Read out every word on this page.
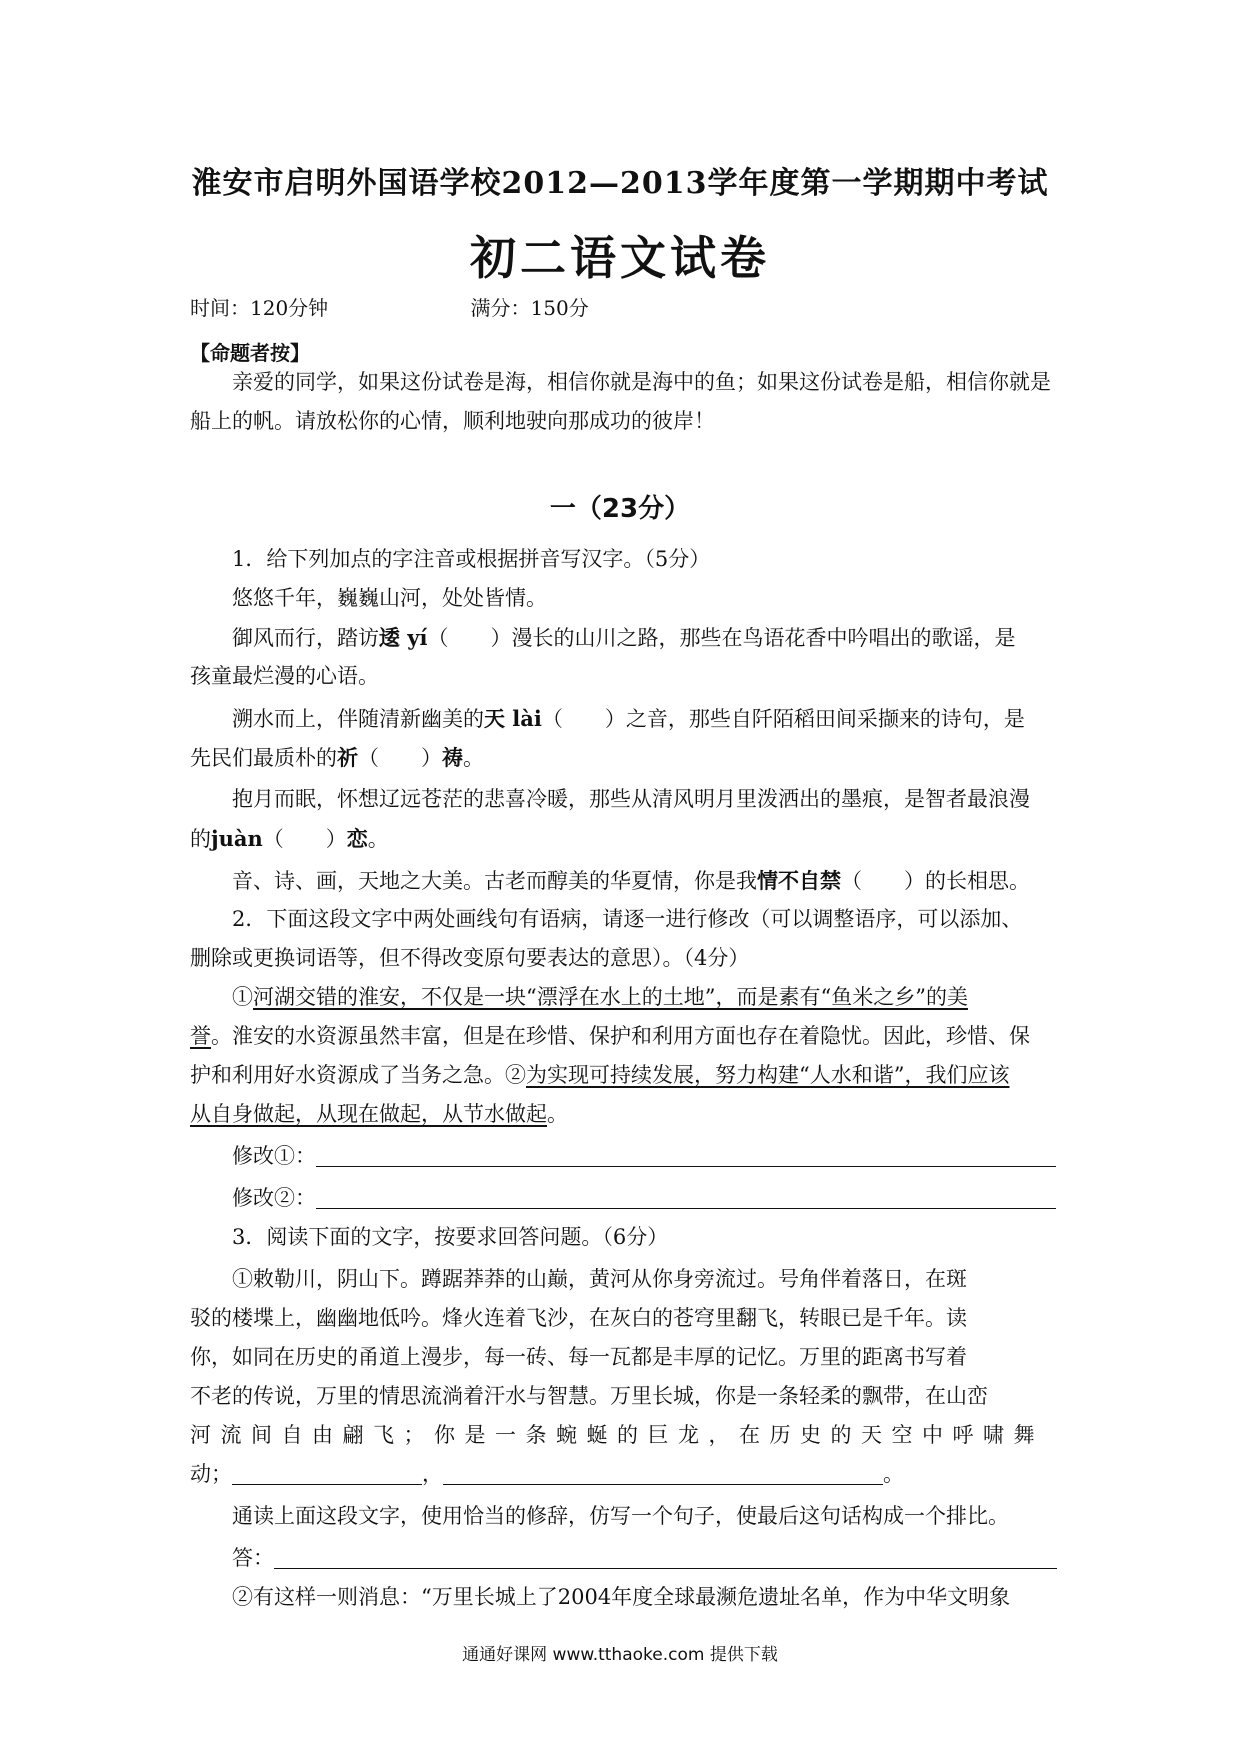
淮安市启明外国语学校2012—2013学年度第一学期期中考试
初二语文试卷
时间：120分钟	满分：150分
【命题者按】
亲爱的同学，如果这份试卷是海，相信你就是海中的鱼；如果这份试卷是船，相信你就是船上的帆。请放松你的心情，顺利地驶向那成功的彼岸！
一（23分）
1．给下列加点的字注音或根据拼音写汉字。（5分）
悠悠千年，巍巍山河，处处皆情。
御风而行，踏访逶 yí（　　）漫长的山川之路，那些在鸟语花香中吟唱出的歌谣，是
孩童最烂漫的心语。
溯水而上，伴随清新幽美的天 lài（　　）之音，那些自阡陌稻田间采撷来的诗句，是
先民们最质朴的祈（　　）祷。
抱月而眠，怀想辽远苍茫的悲喜冷暖，那些从清风明月里泼洒出的墨痕，是智者最浪漫
的juàn（　　）恋。
音、诗、画，天地之大美。古老而醇美的华夏情，你是我情不自禁（　　）的长相思。
2．下面这段文字中两处画线句有语病，请逐一进行修改（可以调整语序，可以添加、
删除或更换词语等，但不得改变原句要表达的意思）。（4分）
①河湖交错的淮安，不仅是一块“漂浮在水上的土地”，而是素有“鱼米之乡”的美
誉。淮安的水资源虽然丰富，但是在珍惜、保护和利用方面也存在着隐忧。因此，珍惜、保
护和利用好水资源成了当务之急。②为实现可持续发展，努力构建“人水和谐”，我们应该
从自身做起，从现在做起，从节水做起。
修改①：
修改②：
3．阅读下面的文字，按要求回答问题。（6分）
①敕勒川，阴山下。蹲踞莽莽的山巅，黄河从你身旁流过。号角伴着落日，在斑
驳的楼堞上，幽幽地低吟。烽火连着飞沙，在灰白的苍穹里翻飞，转眼已是千年。读
你，如同在历史的甬道上漫步，每一砖、每一瓦都是丰厚的记忆。万里的距离书写着
不老的传说，万里的情思流淌着汗水与智慧。万里长城，你是一条轻柔的飘带，在山峦
河流间自由翩飞；你是一条蜿蜒的巨龙，在历史的天空中呼啸舞
动；	，	。
通读上面这段文字，使用恰当的修辞，仿写一个句子，使最后这句话构成一个排比。
答：
②有这样一则消息：“万里长城上了2004年度全球最濒危遗址名单，作为中华文明象
通通好课网 www.tthaoke.com 提供下载
